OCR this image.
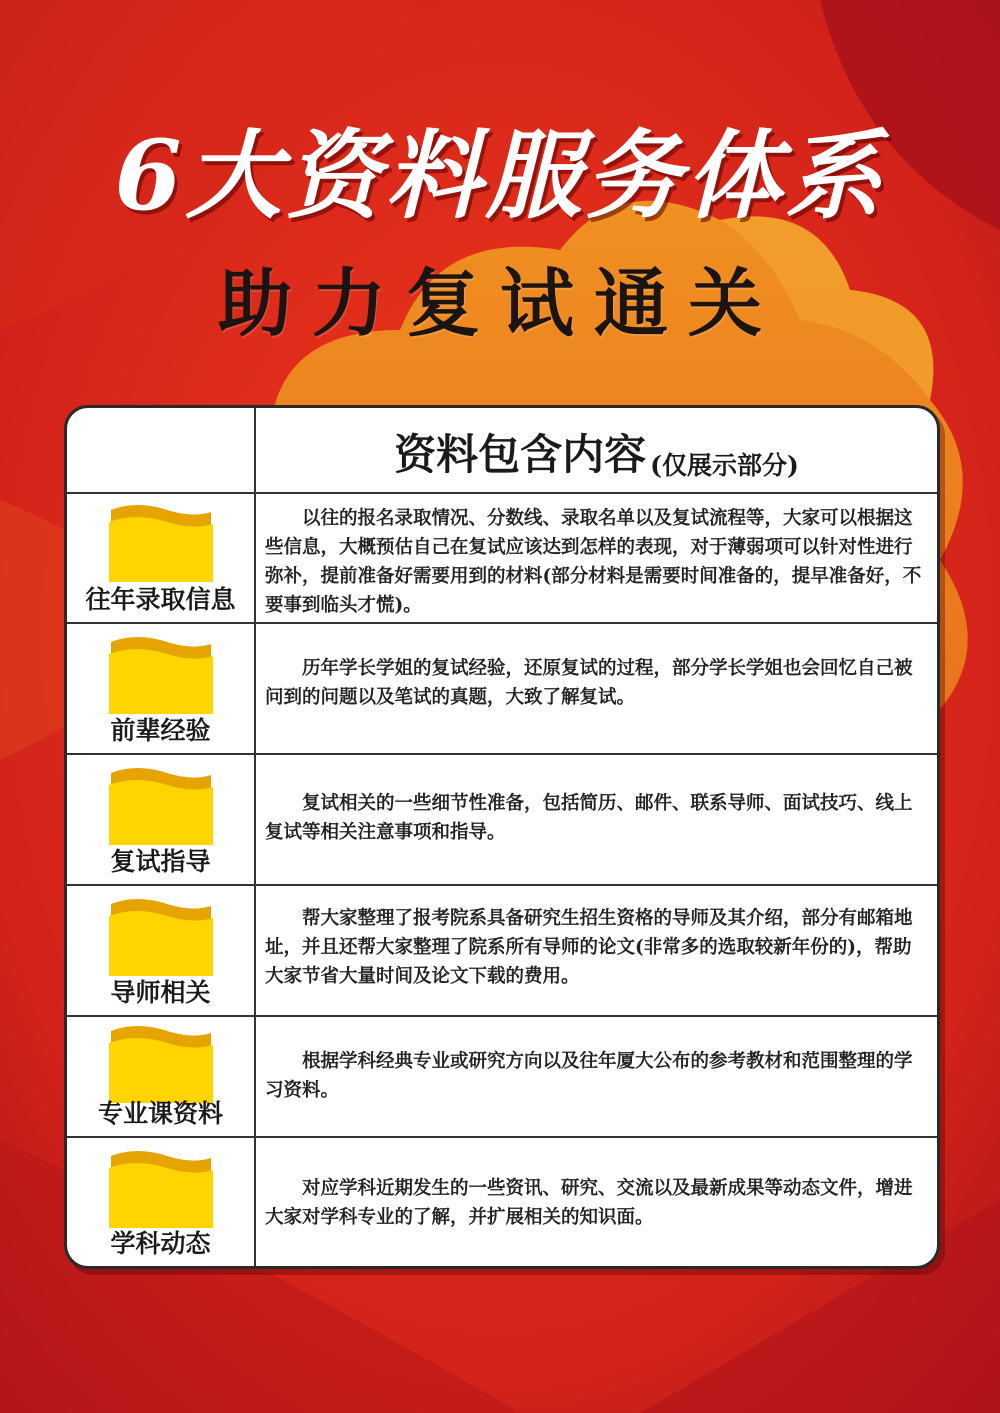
6大资料服务体系
助力复试通关
资料包含内容 (仅展示部分)
往年录取信息
以往的报名录取情况、分数线、录取名单以及复试流程等，大家可以根据这些信息，大概预估自己在复试应该达到怎样的表现，对于薄弱项可以针对性进行弥补，提前准备好需要用到的材料(部分材料是需要时间准备的，提早准备好，不要事到临头才慌)。
前辈经验
历年学长学姐的复试经验，还原复试的过程，部分学长学姐也会回忆自己被问到的问题以及笔试的真题，大致了解复试。
复试指导
复试相关的一些细节性准备，包括简历、邮件、联系导师、面试技巧、线上复试等相关注意事项和指导。
导师相关
帮大家整理了报考院系具备研究生招生资格的导师及其介绍，部分有邮箱地址，并且还帮大家整理了院系所有导师的论文(非常多的选取较新年份的)，帮助大家节省大量时间及论文下载的费用。
专业课资料
根据学科经典专业或研究方向以及往年厦大公布的参考教材和范围整理的学习资料。
学科动态
对应学科近期发生的一些资讯、研究、交流以及最新成果等动态文件，增进大家对学科专业的了解，并扩展相关的知识面。
